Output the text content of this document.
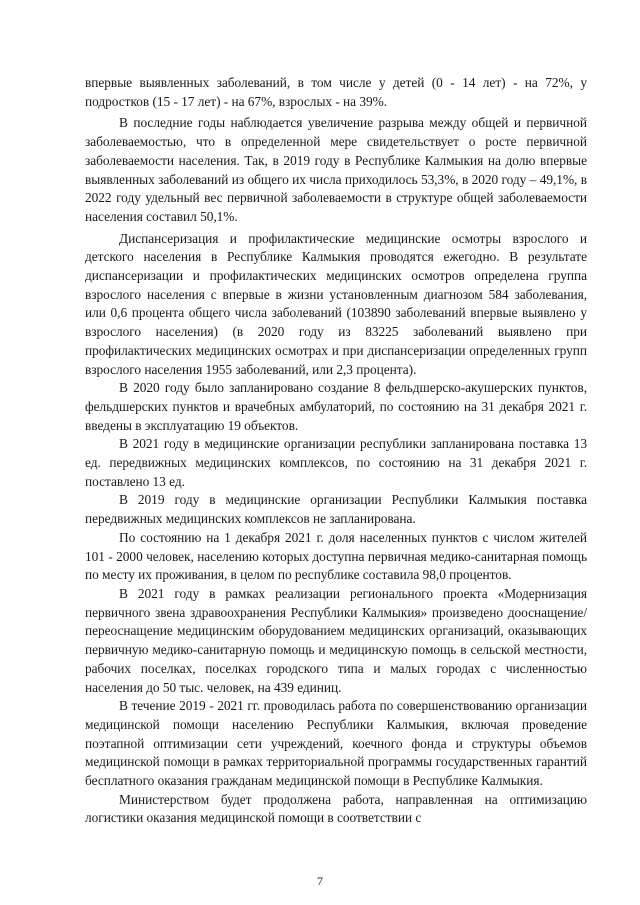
впервые выявленных заболеваний, в том числе у детей (0 - 14 лет) - на 72%, у подростков (15 - 17 лет) - на 67%, взрослых - на 39%.

В последние годы наблюдается увеличение разрыва между общей и первичной заболеваемостью, что в определенной мере свидетельствует о росте первичной заболеваемости населения. Так, в 2019 году в Республике Калмыкия на долю впервые выявленных заболеваний из общего их числа приходилось 53,3%, в 2020 году – 49,1%, в 2022 году удельный вес первичной заболеваемости в структуре общей заболеваемости населения составил 50,1%.

Диспансеризация и профилактические медицинские осмотры взрослого и детского населения в Республике Калмыкия проводятся ежегодно. В результате диспансеризации и профилактических медицинских осмотров определена группа взрослого населения с впервые в жизни установленным диагнозом 584 заболевания, или 0,6 процента общего числа заболеваний (103890 заболеваний впервые выявлено у взрослого населения) (в 2020 году из 83225 заболеваний выявлено при профилактических медицинских осмотрах и при диспансеризации определенных групп взрослого населения 1955 заболеваний, или 2,3 процента).

В 2020 году было запланировано создание 8 фельдшерско-акушерских пунктов, фельдшерских пунктов и врачебных амбулаторий, по состоянию на 31 декабря 2021 г. введены в эксплуатацию 19 объектов.

В 2021 году в медицинские организации республики запланирована поставка 13 ед. передвижных медицинских комплексов, по состоянию на 31 декабря 2021 г. поставлено 13 ед.

В 2019 году в медицинские организации Республики Калмыкия поставка передвижных медицинских комплексов не запланирована.

По состоянию на 1 декабря 2021 г. доля населенных пунктов с числом жителей 101 - 2000 человек, населению которых доступна первичная медико-санитарная помощь по месту их проживания, в целом по республике составила 98,0 процентов.

В 2021 году в рамках реализации регионального проекта «Модернизация первичного звена здравоохранения Республики Калмыкия» произведено дооснащение/переоснащение медицинским оборудованием медицинских организаций, оказывающих первичную медико-санитарную помощь и медицинскую помощь в сельской местности, рабочих поселках, поселках городского типа и малых городах с численностью населения до 50 тыс. человек, на 439 единиц.

В течение 2019 - 2021 гг. проводилась работа по совершенствованию организации медицинской помощи населению Республики Калмыкия, включая проведение поэтапной оптимизации сети учреждений, коечного фонда и структуры объемов медицинской помощи в рамках территориальной программы государственных гарантий бесплатного оказания гражданам медицинской помощи в Республике Калмыкия.

Министерством будет продолжена работа, направленная на оптимизацию логистики оказания медицинской помощи в соответствии с

7
